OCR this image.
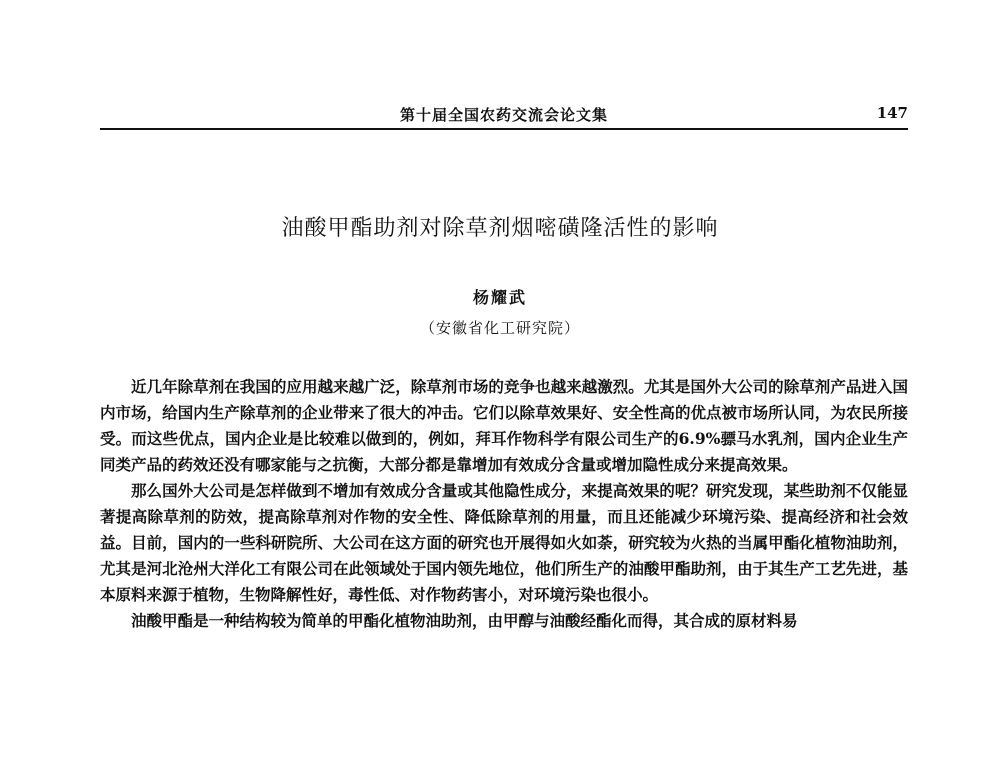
第十届全国农药交流会论文集	147
油酸甲酯助剂对除草剂烟嘧磺隆活性的影响
杨耀武
（安徽省化工研究院）

近几年除草剂在我国的应用越来越广泛，除草剂市场的竞争也越来越激烈。尤其是国外大公司的除草剂产品进入国内市场，给国内生产除草剂的企业带来了很大的冲击。它们以除草效果好、安全性高的优点被市场所认同，为农民所接受。而这些优点，国内企业是比较难以做到的，例如，拜耳作物科学有限公司生产的6.9%骠马水乳剂，国内企业生产同类产品的药效还没有哪家能与之抗衡，大部分都是靠增加有效成分含量或增加隐性成分来提高效果。

那么国外大公司是怎样做到不增加有效成分含量或其他隐性成分，来提高效果的呢？研究发现，某些助剂不仅能显著提高除草剂的防效，提高除草剂对作物的安全性、降低除草剂的用量，而且还能减少环境污染、提高经济和社会效益。目前，国内的一些科研院所、大公司在这方面的研究也开展得如火如荼，研究较为火热的当属甲酯化植物油助剂，尤其是河北沧州大洋化工有限公司在此领域处于国内领先地位，他们所生产的油酸甲酯助剂，由于其生产工艺先进，基本原料来源于植物，生物降解性好，毒性低、对作物药害小，对环境污染也很小。

油酸甲酯是一种结构较为简单的甲酯化植物油助剂，由甲醇与油酸经酯化而得，其合成的原材料易
